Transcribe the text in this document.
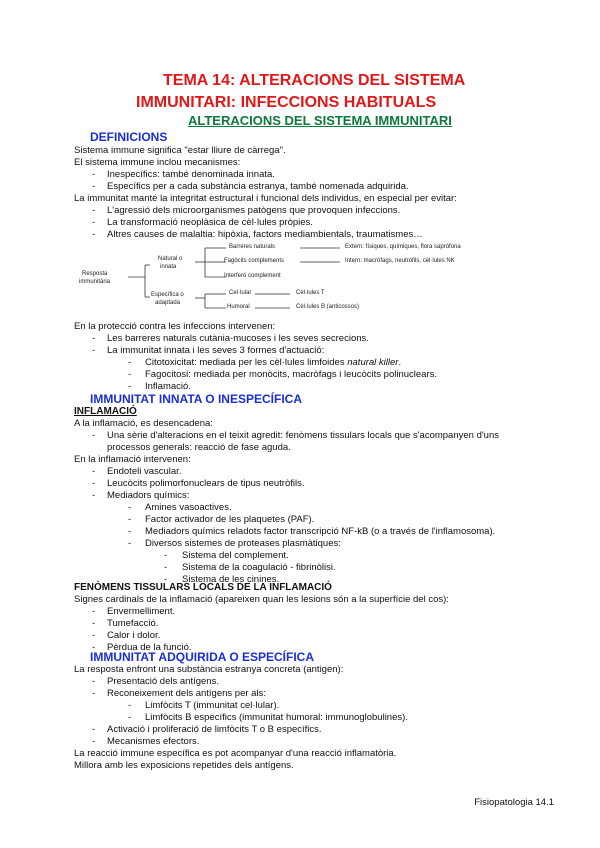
TEMA 14: ALTERACIONS DEL SISTEMA
IMMUNITARI: INFECCIONS HABITUALS
ALTERACIONS DEL SISTEMA IMMUNITARI
DEFINICIONS
Sistema immune significa "estar lliure de càrrega".
El sistema immune inclou mecanismes:
- Inespecífics: també denominada innata.
- Específics per a cada substància estranya, també nomenada adquirida.
La immunitat manté la integritat estructural i funcional dels individus, en especial per evitar:
- L'agressió dels microorganismes patògens que provoquen infeccions.
- La transformació neoplàsica de cèl·lules pròpies.
- Altres causes de malaltia: hipòxia, factors mediambientals, traumatismes…
Resposta
immunitària
Natural o
innata
Específica o
adaptada
Barreres naturals	Extern: físiques, químiques, flora sapròfona
Fagòcits complements	Intern: macròfags, neutròfils, cèl·lules NK
Interferó complement
Cel·lular	Cèl·lules T
Humoral	Cèl·lules B (anticossos)
En la protecció contra les infeccions intervenen:
- Les barreres naturals cutània-mucoses i les seves secrecions.
- La immunitat innata i les seves 3 formes d'actuació:
- Citotoxicitat: mediada per les cèl·lules limfoides natural killer.
- Fagocitosi: mediada per monòcits, macròfags i leucòcits polinuclears.
- Inflamació.
IMMUNITAT INNATA O INESPECÍFICA
INFLAMACIÓ
A la inflamació, es desencadena:
- Una sèrie d'alteracions en el teixit agredit: fenòmens tissulars locals que s'acompanyen d'uns
processos generals: reacció de fase aguda.
En la inflamació intervenen:
- Endoteli vascular.
- Leucòcits polimorfonuclears de tipus neutròfils.
- Mediadors químics:
- Amines vasoactives.
- Factor activador de les plaquetes (PAF).
- Mediadors químics reladots factor transcripció NF-kB (o a través de l'inflamosoma).
- Diversos sistemes de proteases plasmàtiques:
- Sistema del complement.
- Sistema de la coagulació - fibrinòlisi.
- Sistema de les cinines.
FENÒMENS TISSULARS LOCALS DE LA INFLAMACIÓ
Signes cardinals de la inflamació (apareixen quan les lesions són a la superfície del cos):
- Envermelliment.
- Tumefacció.
- Calor i dolor.
- Pèrdua de la funció.
IMMUNITAT ADQUIRIDA O ESPECÍFICA
La resposta enfront una substància estranya concreta (antigen):
- Presentació dels antígens.
- Reconeixement dels antígens per als:
- Limfòcits T (immunitat cel·lular).
- Limfòcits B específics (immunitat humoral: immunoglobulines).
- Activació i proliferació de limfòcits T o B específics.
- Mecanismes efectors.
La reacció immune específica es pot acompanyar d'una reacció inflamatòria.
Millora amb les exposicions repetides dels antígens.
Fisiopatologia 14.1
